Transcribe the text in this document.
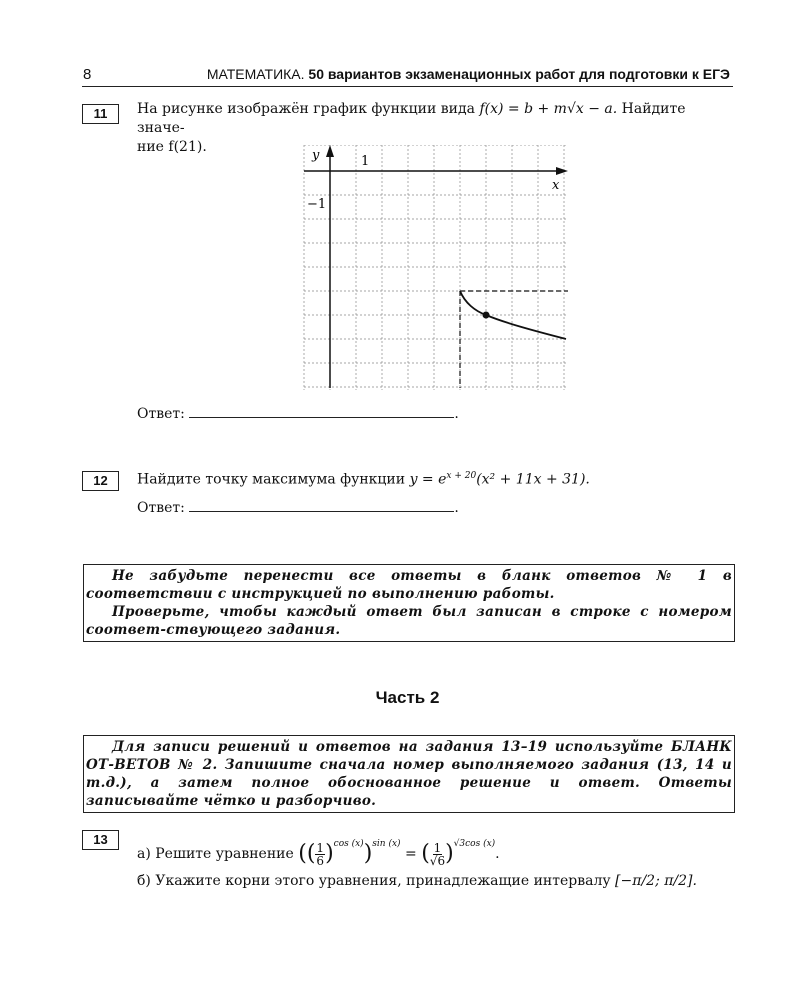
8	МАТЕМАТИКА. 50 вариантов экзаменационных работ для подготовки к ЕГЭ
11	На рисунке изображён график функции вида f(x) = b + m√x − a. Найдите значе-
ние f(21).
y
x
1
−1
Ответ:	.
12	Найдите точку максимума функции $y = e^{x + 20}(x^2 + 11x + 31)$.
Ответ:	.

Не забудьте перенести все ответы в бланк ответов № 1 в соответствии с инструкцией по выполнению работы.

Проверьте, чтобы каждый ответ был записан в строке с номером соответ-ствующего задания.

Часть 2

Для записи решений и ответов на задания 13–19 используйте БЛАНК ОТ-ВЕТОВ № 2. Запишите сначала номер выполняемого задания (13, 14 и т.д.), а затем полное обоснованное решение и ответ. Ответы записывайте чётко и разборчиво.

13
а) Решите уравнение (( $\frac{1}{6} )^{cos (x)})^{sin (x)}$ = ( $\frac{1}{√6} )^{√3cos (x)}$.
б) Укажите корни этого уравнения, принадлежащие интервалу [−π/2; π/2].
